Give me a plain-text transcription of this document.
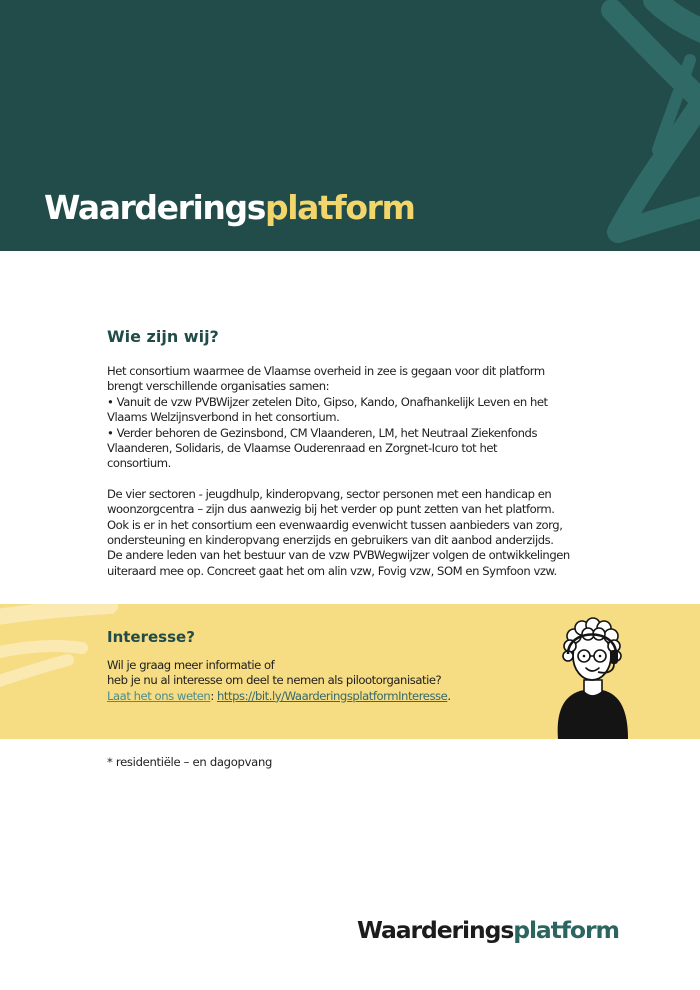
Waarderingsplatform
Wie zijn wij?
Het consortium waarmee de Vlaamse overheid in zee is gegaan voor dit platform
brengt verschillende organisaties samen:
• Vanuit de vzw PVBWijzer zetelen Dito, Gipso, Kando, Onafhankelijk Leven en het
Vlaams Welzijnsverbond in het consortium.
• Verder behoren de Gezinsbond, CM Vlaanderen, LM, het Neutraal Ziekenfonds
Vlaanderen, Solidaris, de Vlaamse Ouderenraad en Zorgnet-Icuro tot het
consortium.
De vier sectoren - jeugdhulp, kinderopvang, sector personen met een handicap en
woonzorgcentra – zijn dus aanwezig bij het verder op punt zetten van het platform.
Ook is er in het consortium een evenwaardig evenwicht tussen aanbieders van zorg,
ondersteuning en kinderopvang enerzijds en gebruikers van dit aanbod anderzijds.
De andere leden van het bestuur van de vzw PVBWegwijzer volgen de ontwikkelingen
uiteraard mee op. Concreet gaat het om alin vzw, Fovig vzw, SOM en Symfoon vzw.
Interesse?
Wil je graag meer informatie of
heb je nu al interesse om deel te nemen als pilootorganisatie?
Laat het ons weten: https://bit.ly/WaarderingsplatformInteresse.
* residentiële – en dagopvang
Waarderingsplatform
